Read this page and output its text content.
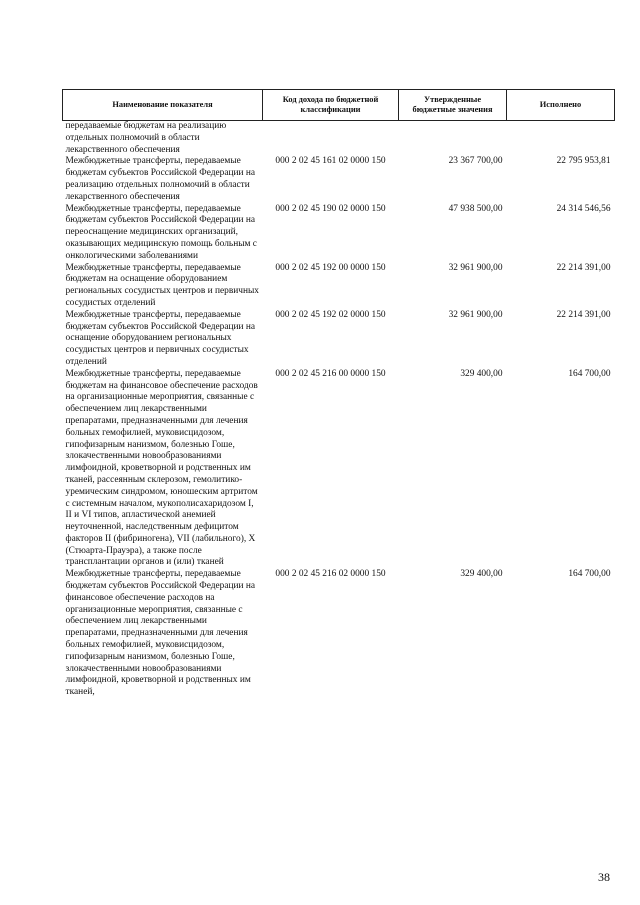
Наименование показателя	Код дохода по бюджетной классификации	Утвержденные бюджетные значения	Исполнено
передаваемые бюджетам на реализацию отдельных полномочий в области лекарственного обеспечения			
Межбюджетные трансферты, передаваемые бюджетам субъектов Российской Федерации на реализацию отдельных полномочий в области лекарственного обеспечения	000 2 02 45 161 02 0000 150	23 367 700,00	22 795 953,81
Межбюджетные трансферты, передаваемые бюджетам субъектов Российской Федерации на переоснащение медицинских организаций, оказывающих медицинскую помощь больным с онкологическими заболеваниями	000 2 02 45 190 02 0000 150	47 938 500,00	24 314 546,56
Межбюджетные трансферты, передаваемые бюджетам на оснащение оборудованием региональных сосудистых центров и первичных сосудистых отделений	000 2 02 45 192 00 0000 150	32 961 900,00	22 214 391,00
Межбюджетные трансферты, передаваемые бюджетам субъектов Российской Федерации на оснащение оборудованием региональных сосудистых центров и первичных сосудистых отделений	000 2 02 45 192 02 0000 150	32 961 900,00	22 214 391,00
Межбюджетные трансферты, передаваемые бюджетам на финансовое обеспечение расходов на организационные мероприятия, связанные с обеспечением лиц лекарственными препаратами, предназначенными для лечения больных гемофилией, муковисцидозом, гипофизарным нанизмом, болезнью Гоше, злокачественными новообразованиями лимфоидной, кроветворной и родственных им тканей, рассеянным склерозом, гемолитико-уремическим синдромом, юношеским артритом с системным началом, мукополисахаридозом I, II и VI типов, апластической анемией неуточненной, наследственным дефицитом факторов II (фибриногена), VII (лабильного), X (Стюарта-Прауэра), а также после трансплантации органов и (или) тканей	000 2 02 45 216 00 0000 150	329 400,00	164 700,00
Межбюджетные трансферты, передаваемые бюджетам субъектов Российской Федерации на финансовое обеспечение расходов на организационные мероприятия, связанные с обеспечением лиц лекарственными препаратами, предназначенными для лечения больных гемофилией, муковисцидозом, гипофизарным нанизмом, болезнью Гоше, злокачественными новообразованиями лимфоидной, кроветворной и родственных им тканей,	000 2 02 45 216 02 0000 150	329 400,00	164 700,00
38
